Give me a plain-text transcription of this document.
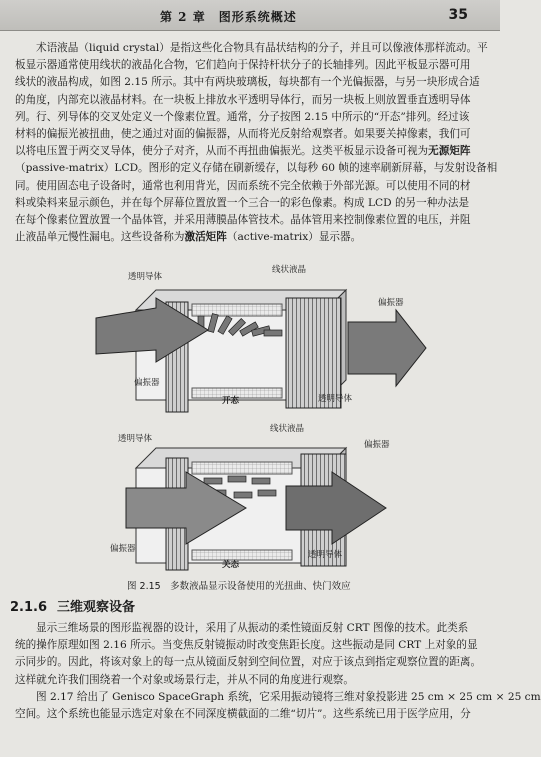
第 2 章　图形系统概述	35

术语液晶（liquid crystal）是指这些化合物具有晶状结构的分子，并且可以像液体那样流动。平
板显示器通常使用线状的液晶化合物，它们趋向于保持杆状分子的长轴排列。因此平板显示器可用
线状的液晶构成，如图 2.15 所示。其中有两块玻璃板，每块都有一个光偏振器，与另一块形成合适
的角度，内部充以液晶材料。在一块板上排放水平透明导体行，而另一块板上则放置垂直透明导体
列。行、列导体的交叉处定义一个像素位置。通常，分子按图 2.15 中所示的“开态”排列。经过该
材料的偏振光被扭曲，使之通过对面的偏振器，从而将光反射给观察者。如果要关掉像素，我们可
以将电压置于两交叉导体，使分子对齐，从而不再扭曲偏振光。这类平板显示设备可视为无源矩阵
（passive-matrix）LCD。图形的定义存储在刷新缓存，以每秒 60 帧的速率刷新屏幕，与发射设备相
同。使用固态电子设备时，通常也利用背光，因而系统不完全依赖于外部光源。可以使用不同的材
料或染料来显示颜色，并在每个屏幕位置放置一个三合一的彩色像素。构成 LCD 的另一种办法是
在每个像素位置放置一个晶体管，并采用薄膜晶体管技术。晶体管用来控制像素位置的电压，并阻
止液晶单元慢性漏电。这些设备称为激活矩阵（active-matrix）显示器。

线状液晶
透明导体
偏振器
偏振器
透明导体
开态
线状液晶
透明导体
偏振器
偏振器
透明导体
关态
图 2.15　多数液晶显示设备使用的光扭曲、快门效应
2.1.6 三维观察设备

显示三维场景的图形监视器的设计，采用了从振动的柔性镜面反射 CRT 图像的技术。此类系
统的操作原理如图 2.16 所示。当变焦反射镜振动时改变焦距长度。这些振动是同 CRT 上对象的显
示同步的。因此，将该对象上的每一点从镜面反射到空间位置，对应于该点到指定观察位置的距离。
这样就允许我们围绕着一个对象或场景行走，并从不同的角度进行观察。

图 2.17 给出了 Genisco SpaceGraph 系统，它采用振动镜将三维对象投影进 25 cm × 25 cm × 25 cm
空间。这个系统也能显示选定对象在不同深度横截面的二维“切片”。这些系统已用于医学应用，分
